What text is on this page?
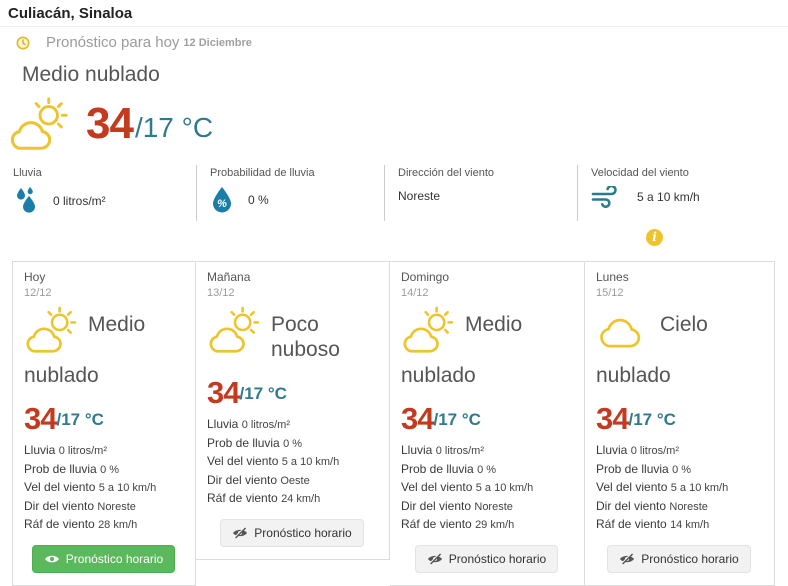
Culiacán, Sinaloa
Pronóstico para hoy 12 Diciembre
Medio nublado
34 /17 °C
Lluvia
0 litros/m²
Probabilidad de lluvia
% 0 %
Dirección del viento
Noreste
Velocidad del viento
5 a 10 km/h
i
Hoy
12/12
Medio
nublado
34 /17 °C
Lluvia 0 litros/m²
Prob de lluvia 0 %
Vel del viento 5 a 10 km/h
Dir del viento Noreste
Ráf de viento 28 km/h
Pronóstico horario
Mañana
13/12
Poco nuboso
34 /17 °C
Lluvia 0 litros/m²
Prob de lluvia 0 %
Vel del viento 5 a 10 km/h
Dir del viento Oeste
Ráf de viento 24 km/h
Pronóstico horario
Domingo
14/12
Medio
nublado
34 /17 °C
Lluvia 0 litros/m²
Prob de lluvia 0 %
Vel del viento 5 a 10 km/h
Dir del viento Noreste
Ráf de viento 29 km/h
Pronóstico horario
Lunes
15/12
Cielo
nublado
34 /17 °C
Lluvia 0 litros/m²
Prob de lluvia 0 %
Vel del viento 5 a 10 km/h
Dir del viento Noreste
Ráf de viento 14 km/h
Pronóstico horario
